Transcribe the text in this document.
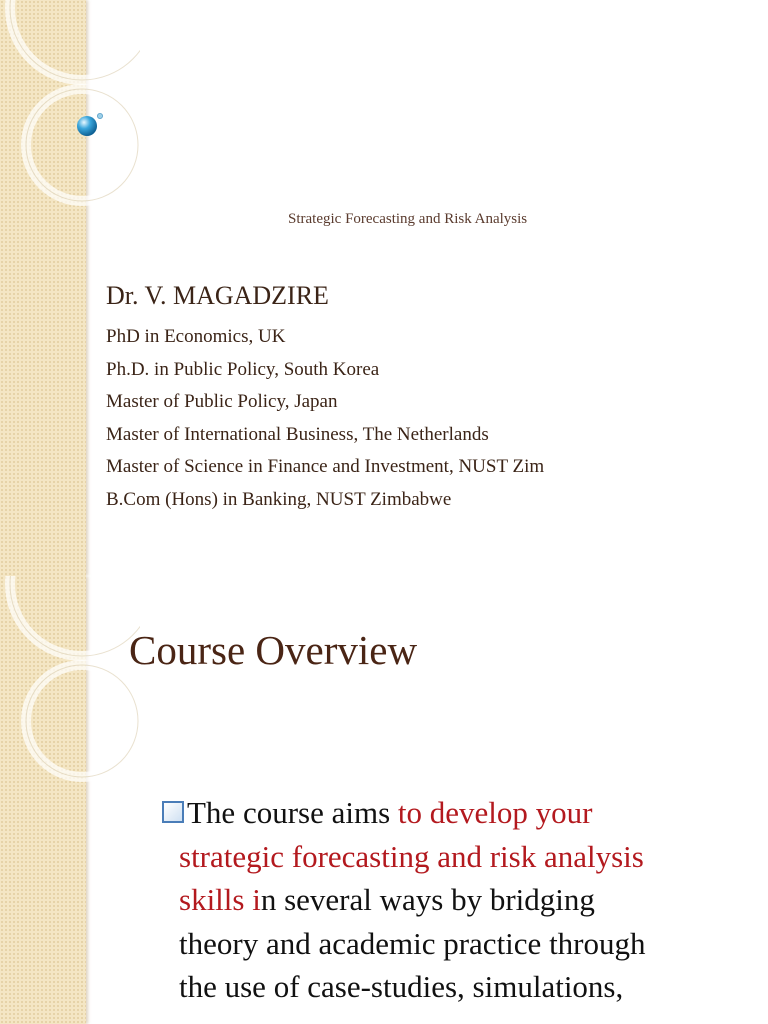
Strategic Forecasting and Risk Analysis
Dr. V. MAGADZIRE
PhD in Economics, UK
Ph.D. in Public Policy, South Korea
Master of Public Policy, Japan
Master of International Business, The Netherlands
Master of Science in Finance and Investment, NUST Zim
B.Com (Hons) in Banking, NUST Zimbabwe
Course Overview

The course aims to develop your
strategic forecasting and risk analysis
skills in several ways by bridging
theory and academic practice through
the use of case-studies, simulations,
